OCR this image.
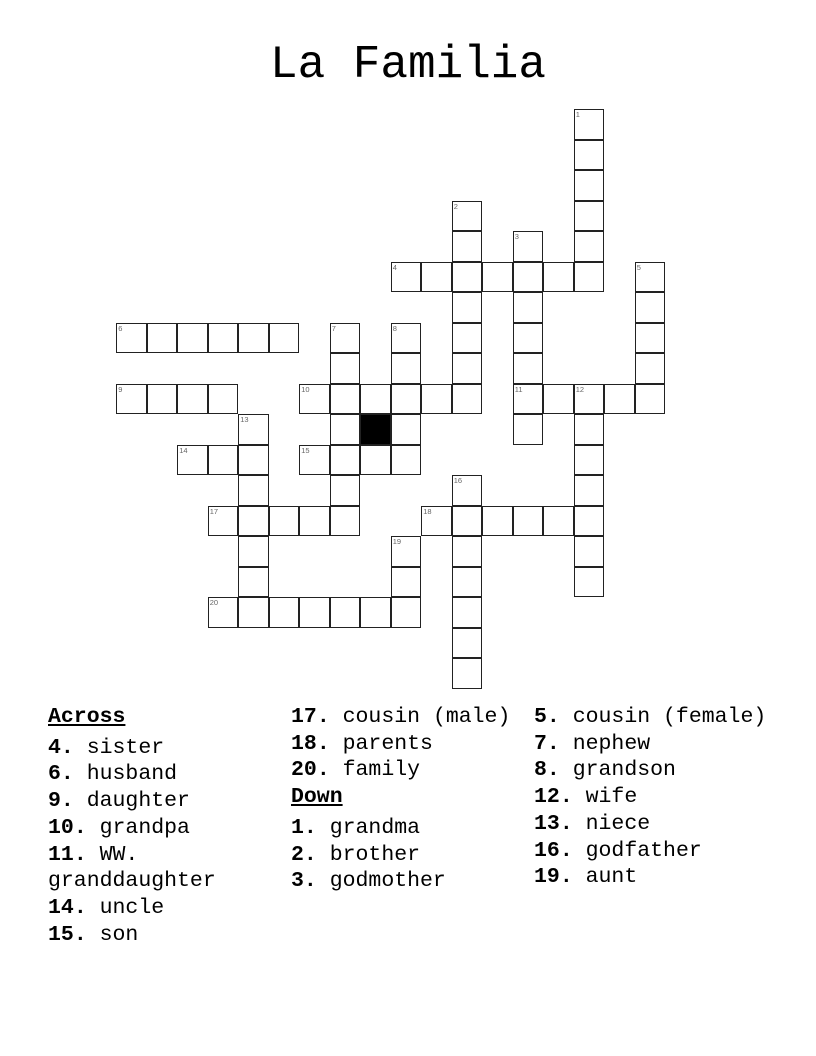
La Familia
1
2
3
11
4	5
6	7	8
9	10	12
13
14	15
16
17	18
19
20
Across
4. sister
6. husband
9. daughter
10. grandpa
11. WW. granddaughter
14. uncle
15. son
17. cousin (male)
18. parents
20. family
Down
1. grandma
2. brother
3. godmother
5. cousin (female)
7. nephew
8. grandson
12. wife
13. niece
16. godfather
19. aunt
